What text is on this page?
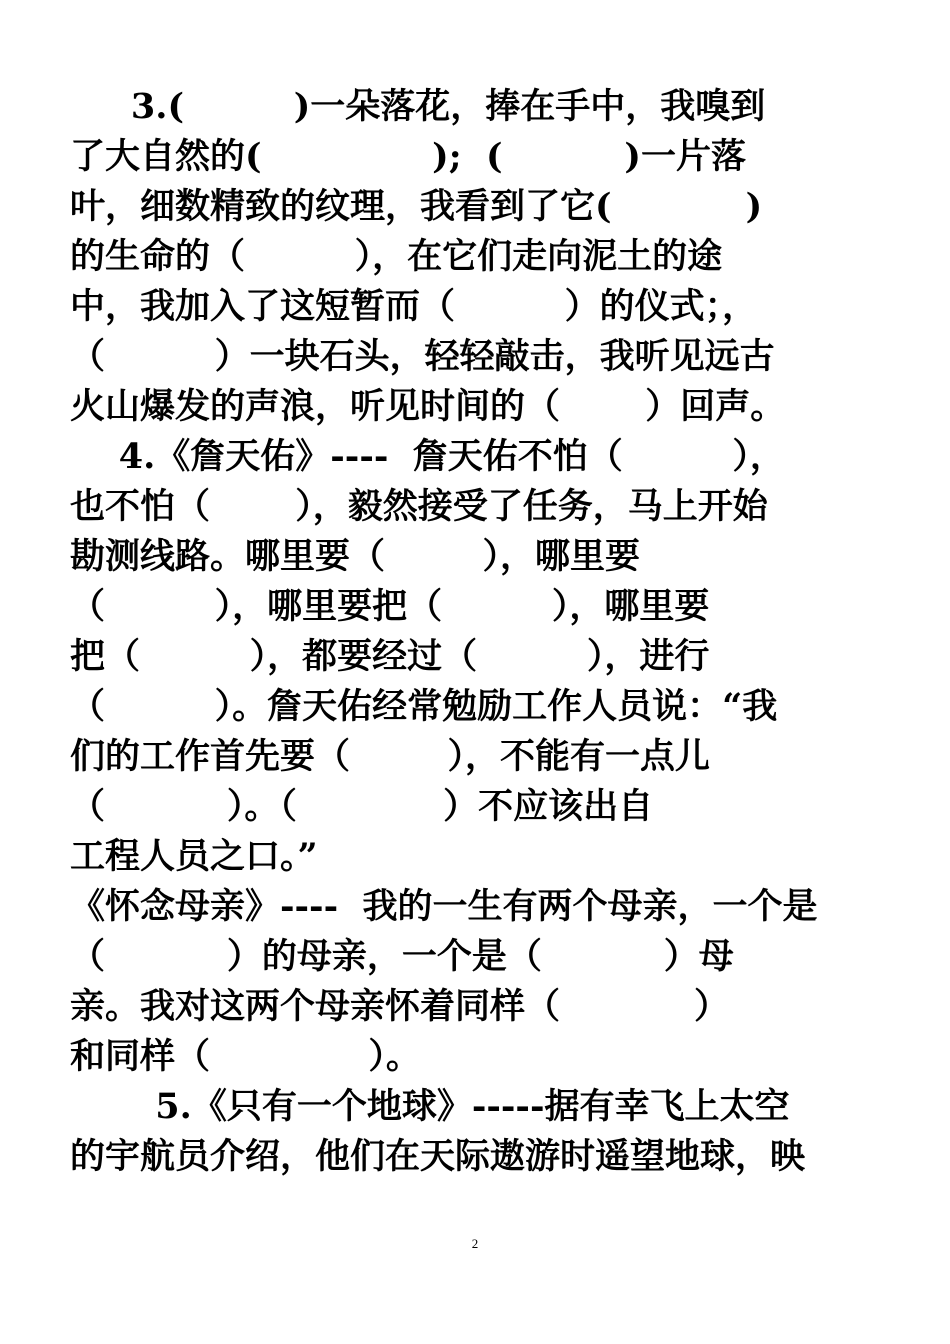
3.(         )一朵落花，捧在手中，我嗅到
了大自然的(              );  (          )一片落
叶，细数精致的纹理，我看到了它(           )
的生命的（         ），在它们走向泥土的途
中，我加入了这短暂而（         ）的仪式；，
（         ）一块石头，轻轻敲击，我听见远古
火山爆发的声浪，听见时间的（       ）回声。
4.《詹天佑》----  詹天佑不怕（         ），
也不怕（       ），毅然接受了任务，马上开始
勘测线路。哪里要（        ），哪里要
（         ），哪里要把（         ），哪里要
把（         ），都要经过（         ），进行
（         ）。詹天佑经常勉励工作人员说：“我
们的工作首先要（        ），不能有一点儿
（          ）。（            ）不应该出自
工程人员之口。”
《怀念母亲》----  我的一生有两个母亲，一个是
（          ）的母亲，一个是（          ）母
亲。我对这两个母亲怀着同样（           ）
和同样（             ）。
5.《只有一个地球》-----据有幸飞上太空
的宇航员介绍，他们在天际遨游时遥望地球，映
2
